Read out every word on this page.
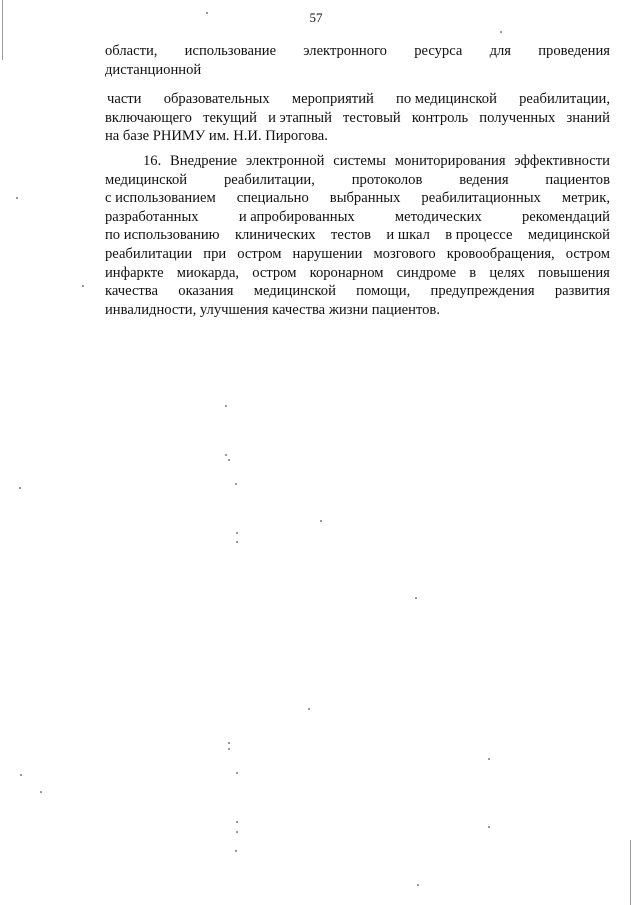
57
области, использование электронного ресурса для проведения
дистанционной
части образовательных мероприятий по медицинской реабилитации,
включающего текущий и этапный тестовый контроль полученных знаний
на базе РНИМУ им. Н.И. Пирогова.
16. Внедрение электронной системы мониторирования эффективности
медицинской	реабилитации,	протоколов	ведения	пациентов
с использованием специально выбранных реабилитационных метрик,
разработанных	и апробированных	методических	рекомендаций
по использованию клинических тестов и шкал в процессе медицинской
реабилитации при остром нарушении мозгового кровообращения, остром
инфаркте миокарда, остром коронарном синдроме в целях повышения
качества оказания медицинской помощи, предупреждения развития
инвалидности, улучшения качества жизни пациентов.
